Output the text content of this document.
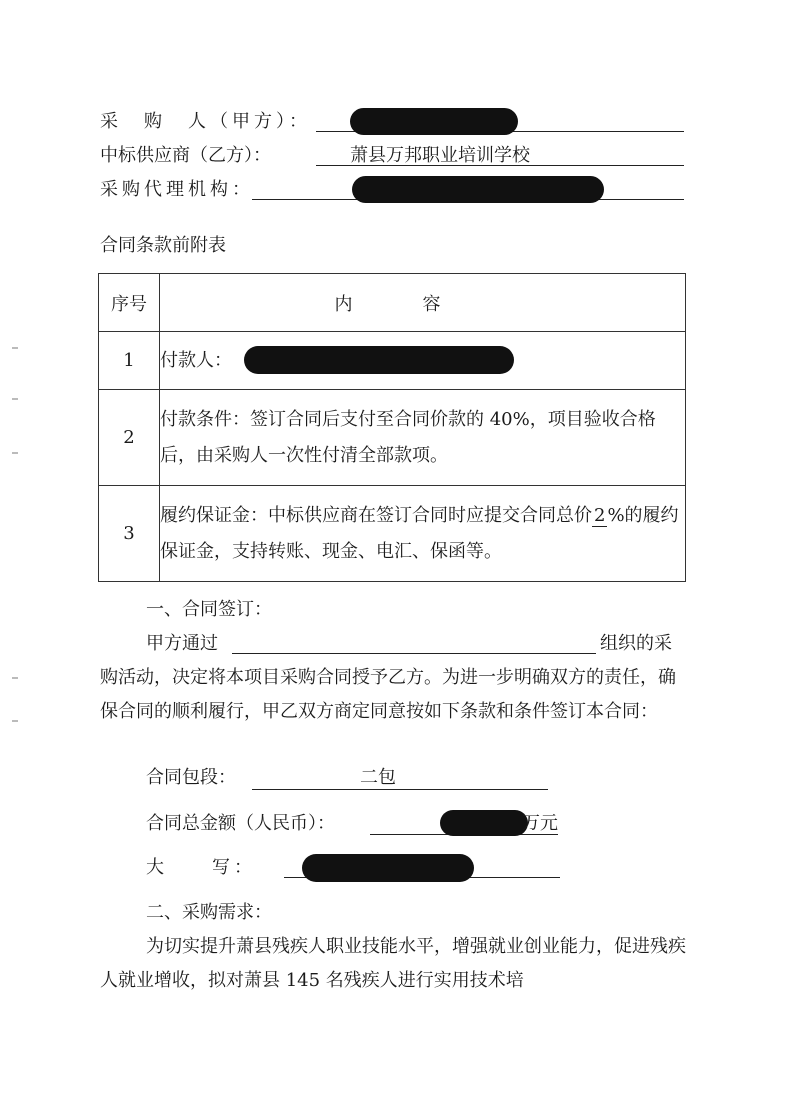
采　购　人（甲方）：
中标供应商（乙方）：	萧县万邦职业培训学校
采购代理机构：
合同条款前附表
序号	内容
1	付款人：

2	付款条件：签订合同后支付至合同价款的 40%，项目验收合格后，由采购人一次性付清全部款项。
3	履约保证金：中标供应商在签订合同时应提交合同总价 2 %的履约保证金，支持转账、现金、电汇、保函等。
一、合同签订：
甲方通过	组织的采
购活动，决定将本项目采购合同授予乙方。为进一步明确双方的责任，确保合同的顺利履行，甲乙双方商定同意按如下条款和条件签订本合同：
合同包段：	二包
合同总金额（人民币）：	万元
大　　写：
二、采购需求：
为切实提升萧县残疾人职业技能水平，增强就业创业能力，促进残疾人就业增收，拟对萧县 145 名残疾人进行实用技术培
